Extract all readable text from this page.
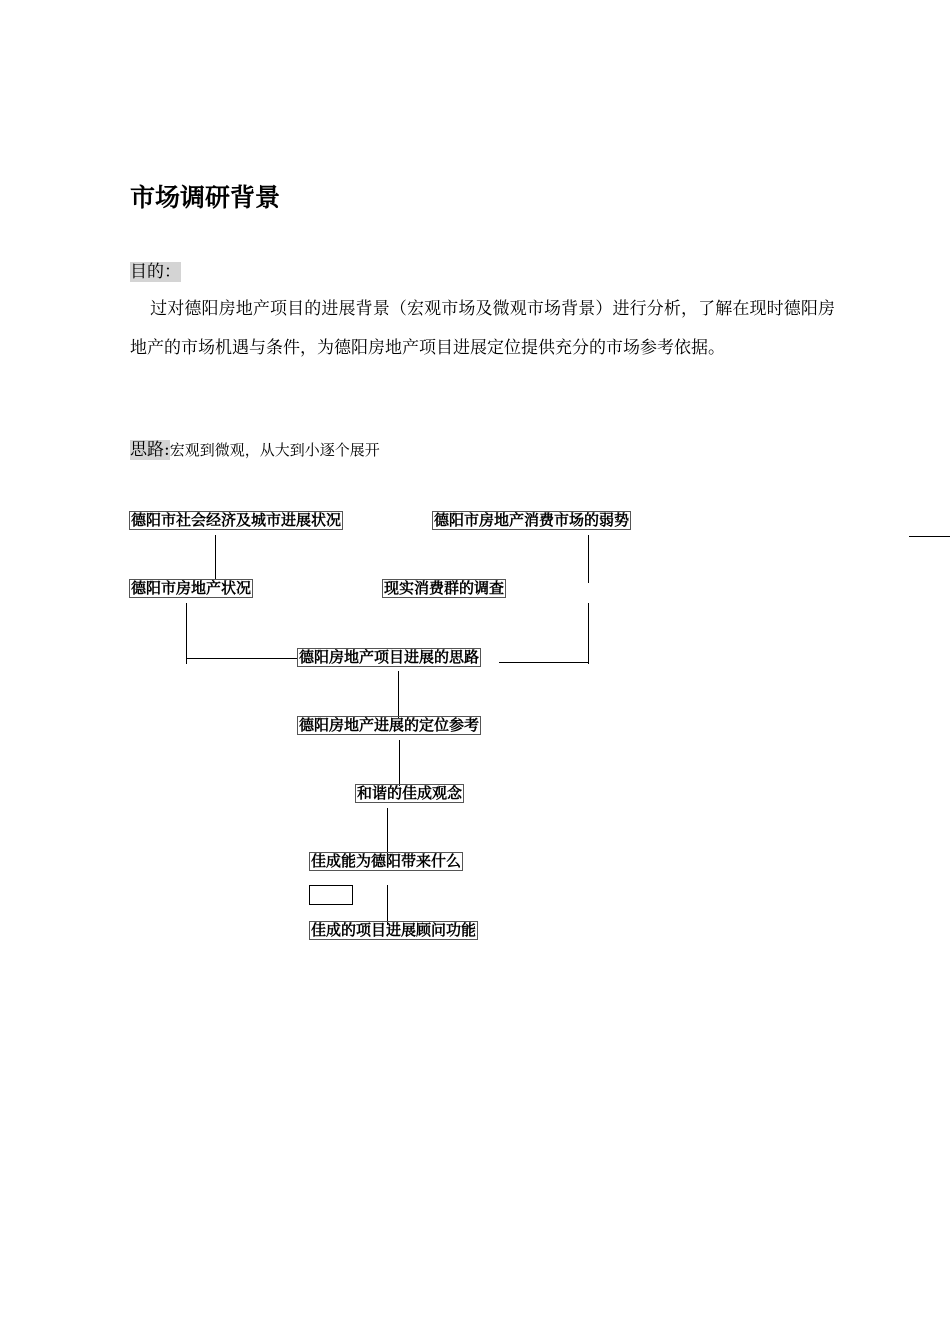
市场调研背景
目的：
过对德阳房地产项目的进展背景（宏观市场及微观市场背景）进行分析，了解在现时德阳房地产的市场机遇与条件，为德阳房地产项目进展定位提供充分的市场参考依据。
思路:宏观到微观，从大到小逐个展开
德阳市社会经济及城市进展状况	德阳市房地产消费市场的弱势
德阳市房地产状况	现实消费群的调查
德阳房地产项目进展的思路
德阳房地产进展的定位参考
和谐的佳成观念
佳成能为德阳带来什么
佳成的项目进展顾问功能
